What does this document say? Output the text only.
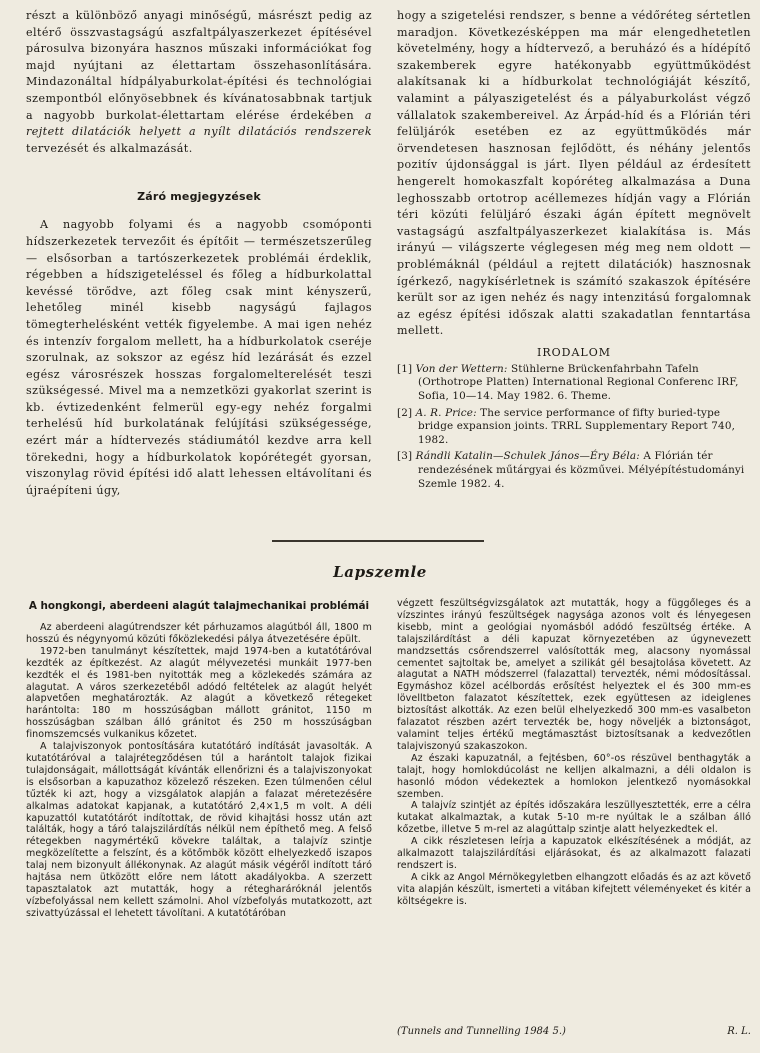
részt a különböző anyagi minőségű, másrészt pedig az eltérő összvastagságú aszfaltpályaszerkezet építésével párosulva bizonyára hasznos műszaki információkat fog majd nyújtani az élettartam összehasonlítására. Mindazonáltal hídpályaburkolat-építési és technológiai szempontból előnyösebbnek és kívánatosabbnak tartjuk a nagyobb burkolat-élettartam elérése érdekében a rejtett dilatációk helyett a nyílt dilatációs rendszerek tervezését és alkalmazását.

Záró megjegyzések

A nagyobb folyami és a nagyobb csomóponti hídszerkezetek tervezőit és építőit — természetszerűleg — elsősorban a tartószerkezetek problémái érdeklik, régebben a hídszigeteléssel és főleg a hídburkolattal kevéssé törődve, azt főleg csak mint kényszerű, lehetőleg minél kisebb nagyságú fajlagos tömegterhelésként vették figyelembe. A mai igen nehéz és intenzív forgalom mellett, ha a hídburkolatok cseréje szorulnak, az sokszor az egész híd lezárását és ezzel egész városrészek hosszas forgalomelterelését teszi szükségessé. Mivel ma a nemzetközi gyakorlat szerint is kb. évtizedenként felmerül egy-egy nehéz forgalmi terhelésű híd burkolatának felújítási szükségessége, ezért már a hídtervezés stádiumától kezdve arra kell törekedni, hogy a hídburkolatok kopórétegét gyorsan, viszonylag rövid építési idő alatt lehessen eltávolítani és újraépíteni úgy,

hogy a szigetelési rendszer, s benne a védőréteg sértetlen maradjon. Következésképpen ma már elengedhetetlen követelmény, hogy a hídtervező, a beruházó és a hídépítő szakemberek egyre hatékonyabb együttműködést alakítsanak ki a hídburkolat technológiáját készítő, valamint a pályaszigetelést és a pályaburkolást végző vállalatok szakembereivel. Az Árpád-híd és a Flórián téri felüljárók esetében ez az együttműködés már örvendetesen hasznosan fejlődött, és néhány jelentős pozitív újdonsággal is járt. Ilyen például az érdesített hengerelt homokaszfalt kopóréteg alkalmazása a Duna leghosszabb ortotrop acéllemezes hídján vagy a Flórián téri közúti felüljáró északi ágán épített megnövelt vastagságú aszfaltpályaszerkezet kialakítása is. Más irányú — világszerte véglegesen még meg nem oldott — problémáknál (például a rejtett dilatációk) hasznosnak ígérkező, nagykísérletnek is számító szakaszok építésére került sor az igen nehéz és nagy intenzitású forgalomnak az egész építési időszak alatti szakadatlan fenntartása mellett.

IRODALOM

[1] Von der Wettern: Stühlerne Brückenfahrbahn Tafeln (Orthotrope Platten) International Regional Conferenc IRF, Sofia, 10—14. May 1982. 6. Theme.

[2] A. R. Price: The service performance of fifty buried-type bridge expansion joints. TRRL Supplementary Report 740, 1982.

[3] Rándli Katalin—Schulek János—Éry Béla: A Flórián tér rendezésének műtárgyai és közművei. Mélyépítéstudományi Szemle 1982. 4.

Lapszemle
A hongkongi, aberdeeni alagút talajmechanikai problémái

Az aberdeeni alagútrendszer két párhuzamos alagútból áll, 1800 m hosszú és négynyomú közúti főközlekedési pálya átvezetésére épült.

1972-ben tanulmányt készítettek, majd 1974-ben a kutatótáróval kezdték az építkezést. Az alagút mélyvezetési munkáit 1977-ben kezdték el és 1981-ben nyitották meg a közlekedés számára az alagutat. A város szerkezetéből adódó feltételek az alagút helyét alapvetően meghatározták. Az alagút a következő rétegeket harántolta: 180 m hosszúságban mállott gránitot, 1150 m hosszúságban szálban álló gránitot és 250 m hosszúságban finomszemcsés vulkanikus kőzetet.

A talajviszonyok pontosítására kutatótáró indítását javasolták. A kutatótáróval a talajrétegződésen túl a harántolt talajok fizikai tulajdonságait, mállottságát kívánták ellenőrizni és a talajviszonyokat is elsősorban a kapuzathoz közelező részeken. Ezen túlmenően célul tűzték ki azt, hogy a vizsgálatok alapján a falazat méretezésére alkalmas adatokat kapjanak, a kutatótáró 2,4×1,5 m volt. A déli kapuzattól kutatótárót indítottak, de rövid kihajtási hossz után azt találták, hogy a táró talajszilárdítás nélkül nem építhető meg. A felső rétegekben nagymértékű kövekre találtak, a talajvíz szintje megközelítette a felszínt, és a kötőmbök között elhelyezkedő iszapos talaj nem bizonyult állékonynak. Az alagút másik végéről indított táró hajtása nem ütközött előre nem látott akadályokba. A szerzett tapasztalatok azt mutatták, hogy a rétegharáróknál jelentős vízbefolyással nem kellett számolni. Ahol vízbefolyás mutatkozott, azt szivattyúzással el lehetett távolítani. A kutatótáróban

végzett feszültségvizsgálatok azt mutatták, hogy a függőleges és a vízszintes irányú feszültségek nagysága azonos volt és lényegesen kisebb, mint a geológiai nyomásból adódó feszültség értéke. A talajszilárdítást a déli kapuzat környezetében az úgynevezett mandzsettás csőrendszerrel valósították meg, alacsony nyomással cementet sajtoltak be, amelyet a szilikát gél besajtolása követett. Az alagutat a NATH módszerrel (falazattal) tervezték, némi módosítással. Egymáshoz közel acélbordás erősítést helyeztek el és 300 mm-es lövelltbeton falazatot készítettek, ezek együttesen az ideiglenes biztosítást alkották. Az ezen belül elhelyezkedő 300 mm-es vasalbeton falazatot részben azért tervezték be, hogy növeljék a biztonságot, valamint teljes értékű megtámasztást biztosítsanak a kedvezőtlen talajviszonyú szakaszokon.

Az északi kapuzatnál, a fejtésben, 60°-os részüvel benthagyták a talajt, hogy homlokdúcolást ne kelljen alkalmazni, a déli oldalon is hasonló módon védekeztek a homlokon jelentkező nyomásokkal szemben.

A talajvíz szintjét az építés időszakára leszüllyesztették, erre a célra kutakat alkalmaztak, a kutak 5-10 m-re nyúltak le a szálban álló kőzetbe, illetve 5 m-rel az alagúttalp szintje alatt helyezkedtek el.

A cikk részletesen leírja a kapuzatok elkészítésének a módját, az alkalmazott talajszilárdítási eljárásokat, és az alkalmazott falazati rendszert is.

A cikk az Angol Mérnökegyletben elhangzott előadás és az azt követő vita alapján készült, ismerteti a vitában kifejtett véleményeket és kitér a költségekre is.

(Tunnels and Tunnelling 1984 5.)	R. L.
